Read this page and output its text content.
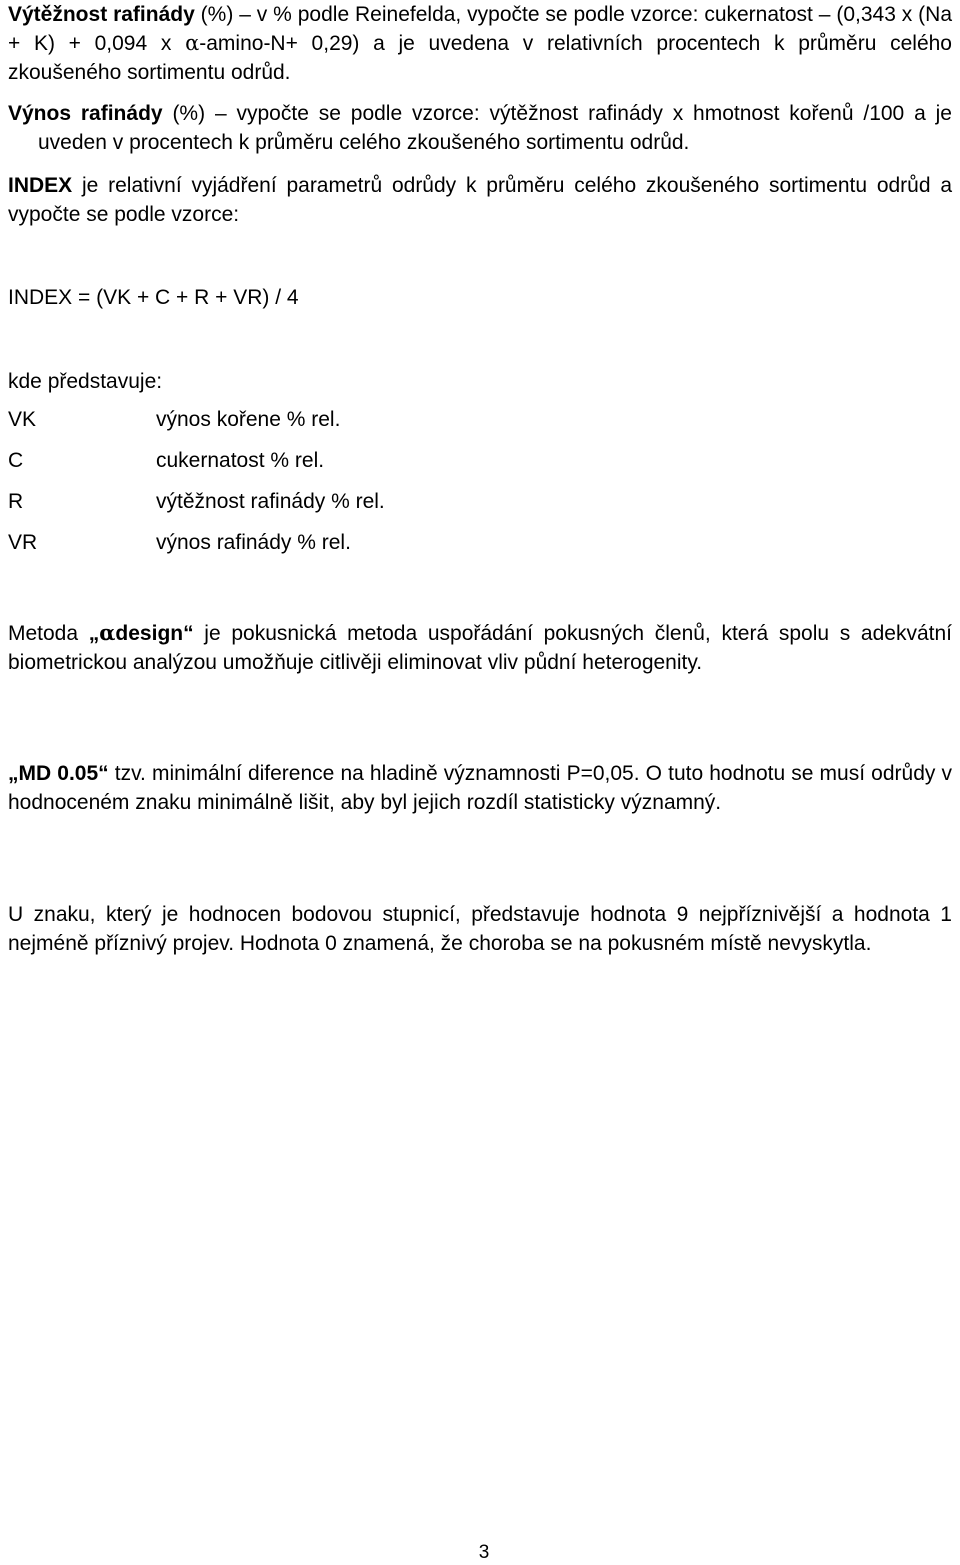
Výtěžnost rafinády (%) – v % podle Reinefelda, vypočte se podle vzorce: cukernatost – (0,343 x (Na + K) + 0,094 x α-amino-N+ 0,29) a je uvedena v relativních procentech k průměru celého zkoušeného sortimentu odrůd.

Výnos rafinády (%) – vypočte se podle vzorce: výtěžnost rafinády x hmotnost kořenů /100 a je uveden v procentech k průměru celého zkoušeného sortimentu odrůd.

INDEX je relativní vyjádření parametrů odrůdy k průměru celého zkoušeného sortimentu odrůd a vypočte se podle vzorce:

INDEX = (VK + C + R + VR) / 4

kde představuje:

VK	výnos kořene % rel.
C	cukernatost % rel.
R	výtěžnost rafinády % rel.
VR	výnos rafinády % rel.

Metoda „αdesign“ je pokusnická metoda uspořádání pokusných členů, která spolu s adekvátní biometrickou analýzou umožňuje citlivěji eliminovat vliv půdní heterogenity.

„MD 0.05“ tzv. minimální diference na hladině významnosti P=0,05. O tuto hodnotu se musí odrůdy v hodnoceném znaku minimálně lišit, aby byl jejich rozdíl statisticky významný.

U znaku, který je hodnocen bodovou stupnicí, představuje hodnota 9 nejpříznivější a hodnota 1 nejméně příznivý projev. Hodnota 0 znamená, že choroba se na pokusném místě nevyskytla.

3
